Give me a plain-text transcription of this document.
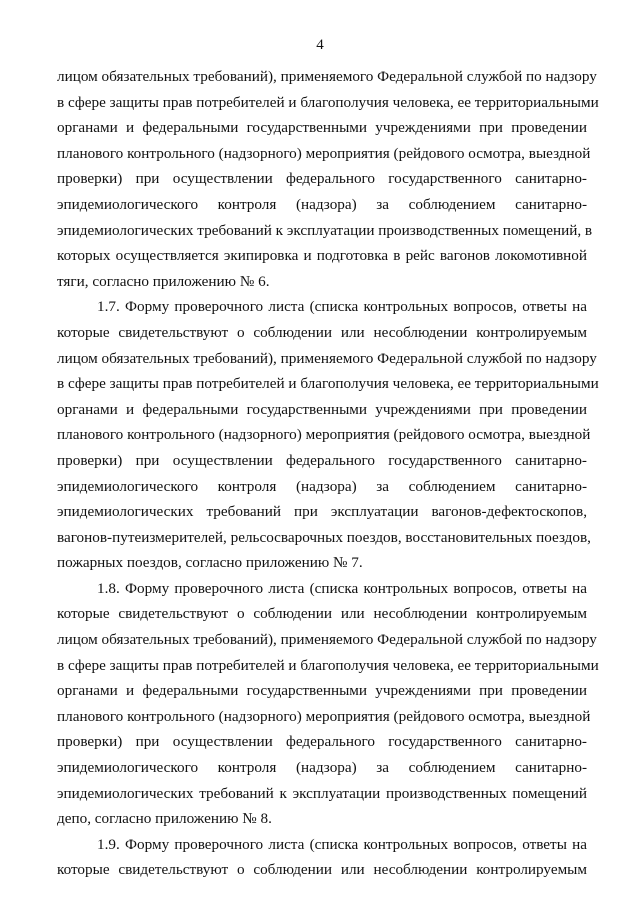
4
лицом обязательных требований), применяемого Федеральной службой по надзору
в сфере защиты прав потребителей и благополучия человека, ее территориальными
органами и федеральными государственными учреждениями при проведении
планового контрольного (надзорного) мероприятия (рейдового осмотра, выездной
проверки) при осуществлении федерального государственного санитарно-
эпидемиологического контроля (надзора) за соблюдением санитарно-
эпидемиологических требований к эксплуатации производственных помещений, в
которых осуществляется экипировка и подготовка в рейс вагонов локомотивной
тяги, согласно приложению № 6.
1.7. Форму проверочного листа (списка контрольных вопросов, ответы на
которые свидетельствуют о соблюдении или несоблюдении контролируемым
лицом обязательных требований), применяемого Федеральной службой по надзору
в сфере защиты прав потребителей и благополучия человека, ее территориальными
органами и федеральными государственными учреждениями при проведении
планового контрольного (надзорного) мероприятия (рейдового осмотра, выездной
проверки) при осуществлении федерального государственного санитарно-
эпидемиологического контроля (надзора) за соблюдением санитарно-
эпидемиологических требований при эксплуатации вагонов-дефектоскопов,
вагонов-путеизмерителей, рельсосварочных поездов, восстановительных поездов,
пожарных поездов, согласно приложению № 7.
1.8. Форму проверочного листа (списка контрольных вопросов, ответы на
которые свидетельствуют о соблюдении или несоблюдении контролируемым
лицом обязательных требований), применяемого Федеральной службой по надзору
в сфере защиты прав потребителей и благополучия человека, ее территориальными
органами и федеральными государственными учреждениями при проведении
планового контрольного (надзорного) мероприятия (рейдового осмотра, выездной
проверки) при осуществлении федерального государственного санитарно-
эпидемиологического контроля (надзора) за соблюдением санитарно-
эпидемиологических требований к эксплуатации производственных помещений
депо, согласно приложению № 8.
1.9. Форму проверочного листа (списка контрольных вопросов, ответы на
которые свидетельствуют о соблюдении или несоблюдении контролируемым
